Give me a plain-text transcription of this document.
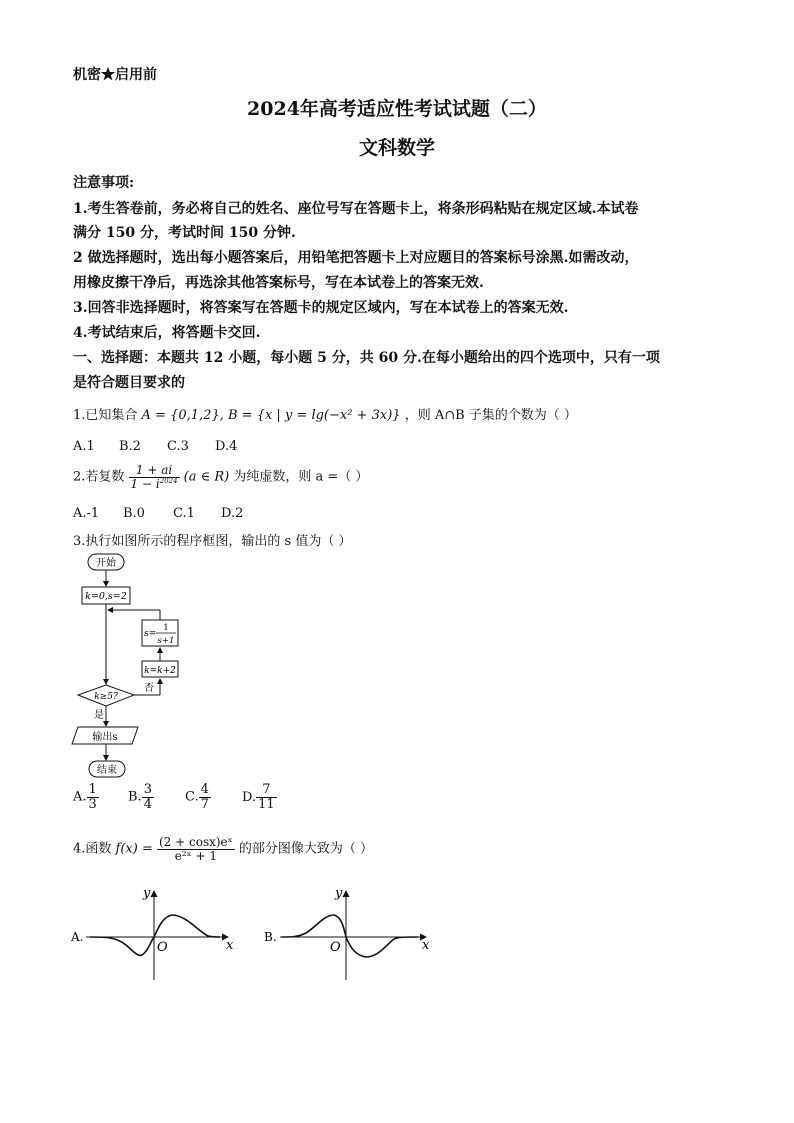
机密★启用前
2024年高考适应性考试试题（二）
文科数学
注意事项:
1.考生答卷前，务必将自己的姓名、座位号写在答题卡上，将条形码粘贴在规定区域.本试卷
满分 150 分，考试时间 150 分钟.
2 做选择题时，选出每小题答案后，用铅笔把答题卡上对应题目的答案标号涂黑.如需改动，
用橡皮擦干净后，再选涂其他答案标号，写在本试卷上的答案无效.
3.回答非选择题时，将答案写在答题卡的规定区域内，写在本试卷上的答案无效.
4.考试结束后，将答题卡交回.
一、选择题：本题共 12 小题，每小题 5 分，共 60 分.在每小题给出的四个选项中，只有一项
是符合题目要求的
1.已知集合 A = {0,1,2}, B = {x | y = lg(−x² + 3x)} ，则 A∩B 子集的个数为（ ）
A.1 B.2 C.3 D.4
2.若复数 $\frac{1 + ai}{1 - i^{2024}} (a$ ∈ R) 为纯虚数，则 a =（ ）
A.-1 B.0 C.1 D.2
3.执行如图所示的程序框图，输出的 s 值为（ ）
开始
k=0,s=2
s=
1
s+1
k=k+2
否
k≥5?
是
输出s
结束
A. $\frac{1}{3} B$. $\frac{3}{4} C$. $\frac{4}{7} D$. $\frac{7}{11}$
4.函数 $f(x) = \frac{\text{(2 + cosx)eˣ}}{\text{e²ˣ + 1}}$ 的部分图像大致为（ ）
A.
y
x
O
B.
y
x
O
